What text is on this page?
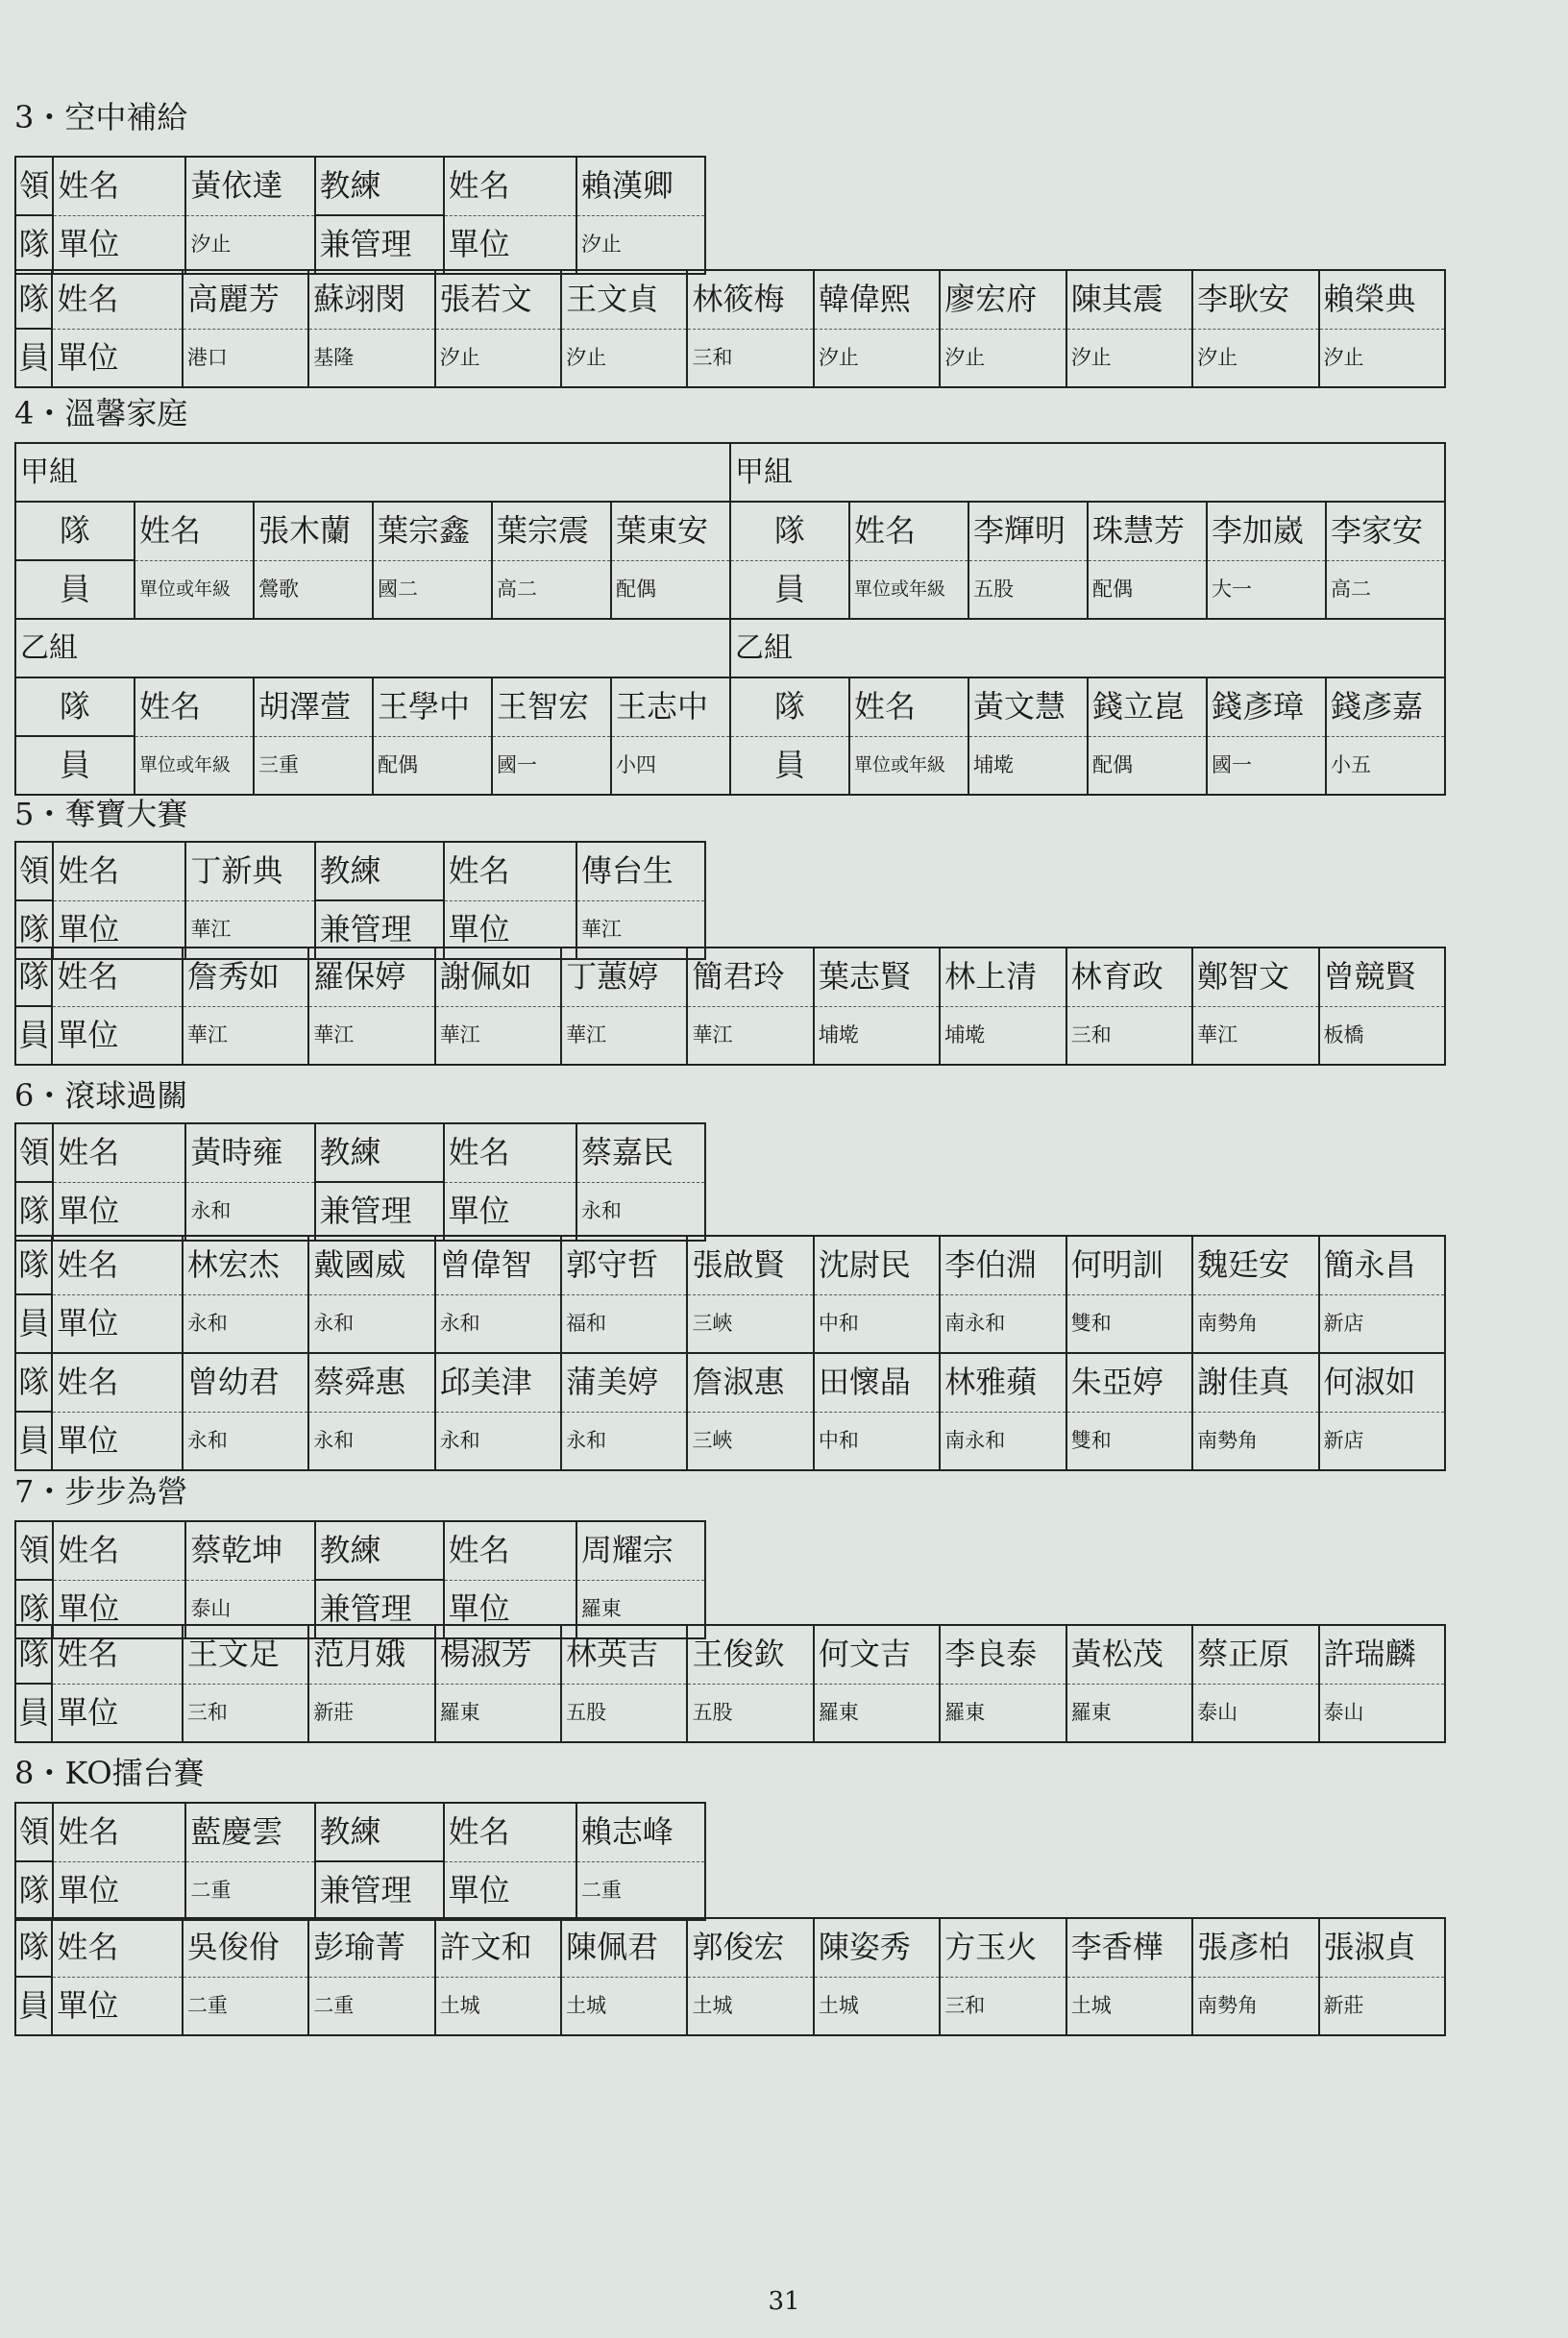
3・空中補給
領	姓名	黃依達	教練	姓名	賴漢卿
隊	單位	汐止	兼管理	單位	汐止
隊	姓名	高麗芳	蘇翊閔	張若文	王文貞	林筱梅	韓偉熙	廖宏府	陳其震	李耿安	賴榮典
員	單位	港口	基隆	汐止	汐止	三和	汐止	汐止	汐止	汐止	汐止
4・溫馨家庭
甲組						甲組					
隊	姓名	張木蘭	葉宗鑫	葉宗震	葉東安	隊	姓名	李輝明	珠慧芳	李加崴	李家安
員	單位或年級	鶯歌	國二	高二	配偶	員	單位或年級	五股	配偶	大一	高二
乙組						乙組					
隊	姓名	胡澤萱	王學中	王智宏	王志中	隊	姓名	黃文慧	錢立崑	錢彥璋	錢彥嘉
員	單位或年級	三重	配偶	國一	小四	員	單位或年級	埔墘	配偶	國一	小五
5・奪寶大賽
領	姓名	丁新典	教練	姓名	傳台生
隊	單位	華江	兼管理	單位	華江
隊	姓名	詹秀如	羅保婷	謝佩如	丁蕙婷	簡君玲	葉志賢	林上清	林育政	鄭智文	曾競賢
員	單位	華江	華江	華江	華江	華江	埔墘	埔墘	三和	華江	板橋
6・滾球過關
領	姓名	黃時雍	教練	姓名	蔡嘉民
隊	單位	永和	兼管理	單位	永和
隊	姓名	林宏杰	戴國威	曾偉智	郭守哲	張啟賢	沈尉民	李伯淵	何明訓	魏廷安	簡永昌
員	單位	永和	永和	永和	福和	三峽	中和	南永和	雙和	南勢角	新店
隊	姓名	曾幼君	蔡舜惠	邱美津	蒲美婷	詹淑惠	田懷晶	林雅蘋	朱亞婷	謝佳真	何淑如
員	單位	永和	永和	永和	永和	三峽	中和	南永和	雙和	南勢角	新店
7・步步為營
領	姓名	蔡乾坤	教練	姓名	周耀宗
隊	單位	泰山	兼管理	單位	羅東
隊	姓名	王文足	范月娥	楊淑芳	林英吉	王俊欽	何文吉	李良泰	黃松茂	蔡正原	許瑞麟
員	單位	三和	新莊	羅東	五股	五股	羅東	羅東	羅東	泰山	泰山
8・KO擂台賽
領	姓名	藍慶雲	教練	姓名	賴志峰
隊	單位	二重	兼管理	單位	二重
隊	姓名	吳俊佾	彭瑜菁	許文和	陳佩君	郭俊宏	陳姿秀	方玉火	李香樺	張彥柏	張淑貞
員	單位	二重	二重	土城	土城	土城	土城	三和	土城	南勢角	新莊
31
